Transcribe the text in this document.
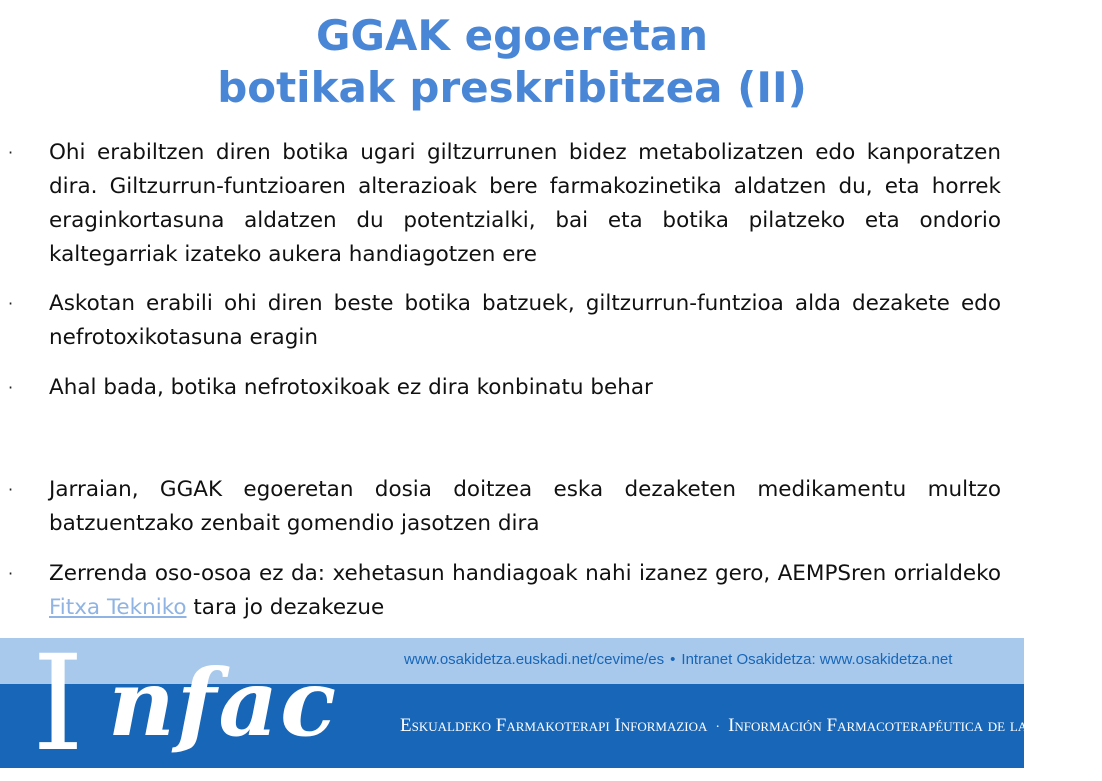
GGAK egoeretan
botikak preskribitzea (II)
· Ohi erabiltzen diren botika ugari giltzurrunen bidez metabolizatzen edo kanporatzen dira. Giltzurrun-funtzioaren alterazioak bere farmakozinetika aldatzen du, eta horrek eraginkortasuna aldatzen du potentzialki, bai eta botika pilatzeko eta ondorio kaltegarriak izateko aukera handiagotzen ere
· Askotan erabili ohi diren beste botika batzuek, giltzurrun-funtzioa alda dezakete edo nefrotoxikotasuna eragin
· Ahal bada, botika nefrotoxikoak ez dira konbinatu behar
· Jarraian, GGAK egoeretan dosia doitzea eska dezaketen medikamentu multzo batzuentzako zenbait gomendio jasotzen dira
· Zerrenda oso-osoa ez da: xehetasun handiagoak nahi izanez gero, AEMPSren orrialdeko Fitxa Tekniko tara jo dezakezue
I nfac	www.osakidetza.euskadi.net/cevime/es • Intranet Osakidetza: www.osakidetza.net
Eskualdeko Farmakoterapi Informazioa · Información Farmacoterapéutica de la Comarca
